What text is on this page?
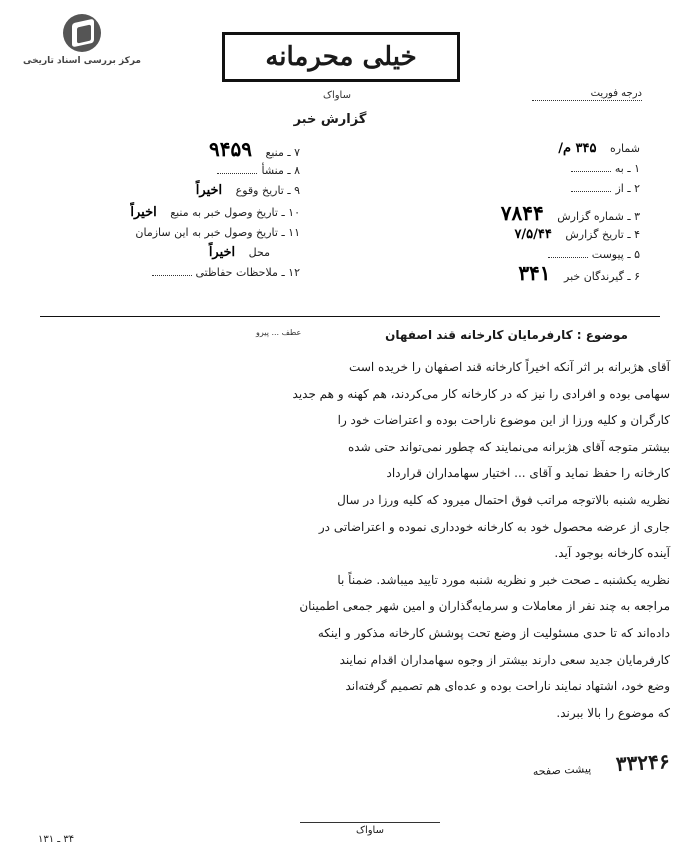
مرکز بررسی اسناد تاریخی	خیلی محرمانه
ساواک	درجه فوریت
گزارش خبر
شماره ۳۴۵ م/
۱ ـ به
۲ ـ از
۳ ـ شماره گزارش ۷۸۴۴
۴ ـ تاریخ گزارش ۷/۵/۴۴
۵ ـ پیوست
۶ ـ گیرندگان خبر ۳۴۱
۷ ـ منبع ۹۴۵۹
۸ ـ منشأ
۹ ـ تاریخ وقوع اخیراً
۱۰ ـ تاریخ وصول خبر به منبع اخیراً
۱۱ ـ تاریخ وصول خبر به این سازمان
محل اخیراً
۱۲ ـ ملاحظات حفاظتی
موضوع : کارفرمایان کارخانه قند اصفهان
عطف ... پیرو

آقای هژبرانه بر اثر آنکه اخیراً کارخانه قند اصفهان را خریده است

سهامی بوده و افرادی را نیز که در کارخانه کار می‌کردند، هم کهنه و هم جدید

کارگران و کلیه ورزا از این موضوع ناراحت بوده و اعتراضات خود را

بیشتر متوجه آقای هژبرانه می‌نمایند که چطور نمی‌تواند حتی شده

کارخانه را حفظ نماید و آقای ... اختیار سهامداران قرارداد

نظریه شنبه بالاتوجه مراتب فوق احتمال میرود که کلیه ورزا در سال

جاری از عرضه محصول خود به کارخانه خودداری نموده و اعتراضاتی در

آینده کارخانه بوجود آید.

نظریه یکشنبه ـ صحت خبر و نظریه شنبه مورد تایید میباشد. ضمناً با

مراجعه به چند نفر از معاملات و سرمایه‌گذاران و امین شهر جمعی اطمینان

داده‌اند که تا حدی مسئولیت از وضع تحت پوشش کارخانه مذکور و اینکه

کارفرمایان جدید سعی دارند بیشتر از وجوه سهامداران اقدام نمایند

وضع خود، اشتهاد نمایند ناراحت بوده و عده‌ای هم تصمیم گرفته‌اند

که موضوع را بالا ببرند.

۳۳۲۴۶ پیشت صفحه
ساواک
۳۴ ـ ۱۳۱
